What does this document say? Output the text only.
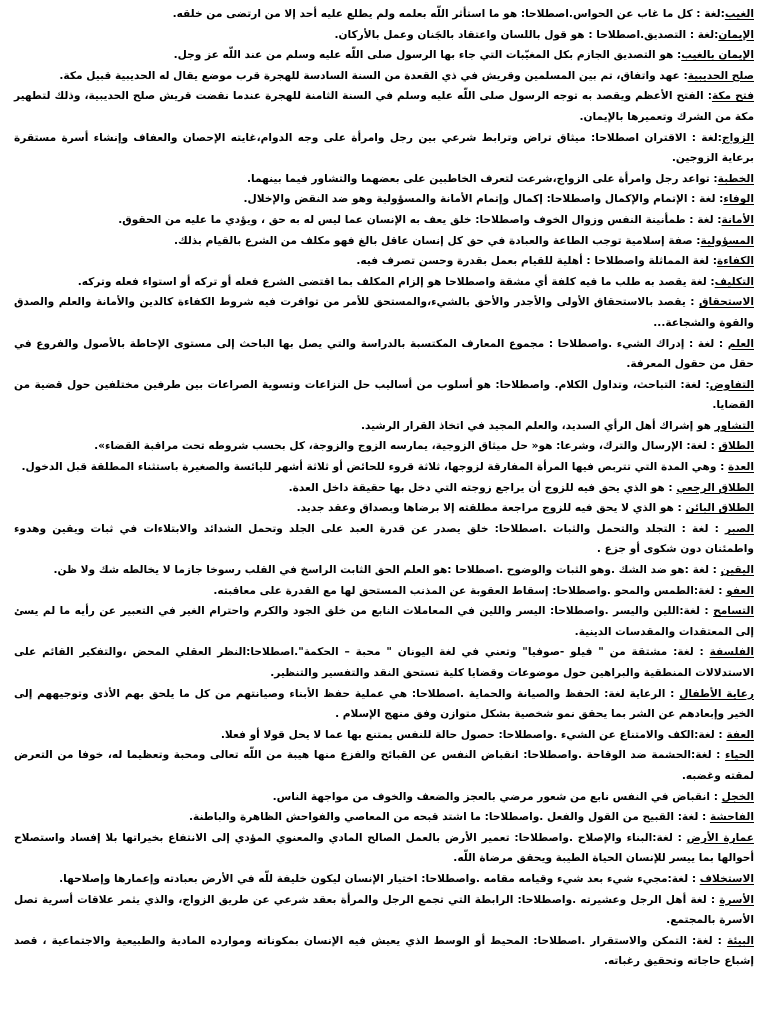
الغيب:لغة : كل ما غاب عن الحواس.اصطلاحا: هو ما استأثر اللّه بعلمه ولم يطلع عليه أحد إلا من ارتضى من خلقه.

الإيمان:لغة : التصديق.اصطلاحا : هو قول باللسان واعتقاد بالجَنان وعمل بالأركان.

الإيمان بالغيب: هو التصديق الجازم بكل المغيّبات التي جاء بها الرسول صلى اللّه عليه وسلم من عند اللّه عز وجل.

صلح الحديبية: عهد واتفاق، تم بين المسلمين وقريش في ذي القعدة من السنة السادسة للهجرة قرب موضع يقال له الحديبية قبيل مكة.

فتح مكة: الفتح الأعظم ويقصد به توجه الرسول صلى اللّه عليه وسلم في السنة الثامنة للهجرة عندما نقضت قريش صلح الحديبية، وذلك لتطهير مكة من الشرك وتعميرها بالإيمان.

الزواج:لغة : الاقتران اصطلاحا: ميثاق تراض وترابط شرعي بين رجل وامرأة على وجه الدوام،غايته الإحصان والعفاف وإنشاء أسرة مستقرة برعاية الزوجين.

الخطبة: تواعد رجل وامرأة على الزواج،شرعت لتعرف الخاطبين على بعضهما والتشاور فيما بينهما.

الوفاء: لغة : الإتمام والإكمال واصطلاحا: إكمال وإتمام الأمانة والمسؤولية وهو ضد النقض والإخلال.

الأمانة: لغة : طمأنينة النفس وزوال الخوف واصطلاحا: خلق يعف به الإنسان عما ليس له به حق ، ويؤدي ما عليه من الحقوق.

المسؤولية: صفة إسلامية توجب الطاعة والعبادة في حق كل إنسان عاقل بالغ فهو مكلف من الشرع بالقيام بذلك.

الكفاءة: لغة المماثلة واصطلاحا : أهلية للقيام بعمل بقدرة وحسن تصرف فيه.

التكليف: لغة يقصد به طلب ما فيه كلفة أي مشقة واصطلاحا هو إلزام المكلف بما اقتضى الشرع فعله أو تركه أو استواء فعله وتركه.

الاستحقاق : يقصد بالاستحقاق الأولى والأجدر والأحق بالشيء،والمستحق للأمر من توافرت فيه شروط الكفاءة كالدين والأمانة والعلم والصدق والقوة والشجاعة...

العلم : لغة : إدراك الشيء .واصطلاحا : مجموع المعارف المكتسبة بالدراسة والتي يصل بها الباحث إلى مستوى الإحاطة بالأصول والفروع في حقل من حقول المعرفة.

التفاوض: لغة: التباحث، وتداول الكلام. واصطلاحا: هو أسلوب من أساليب حل النزاعات وتسوية الصراعات بين طرفين مختلفين حول قضية من القضايا.

التشاور هو إشراك أهل الرأي السديد، والعلم المجيد في اتخاذ القرار الرشيد.

الطلاق : لغة: الإرسال والترك، وشرعا: هو« حل ميثاق الزوجية، يمارسه الزوج والزوجة، كل بحسب شروطه تحت مراقبة القضاء».

العدة : وهي المدة التي تتربص فيها المرأة المفارقة لزوجها، ثلاثة قروء للحائض أو ثلاثة أشهر لليائسة والصغيرة باستثناء المطلقة قبل الدخول.

الطلاق الرجعي : هو الذي يحق فيه للزوج أن يراجع زوجته التي دخل بها حقيقة داخل العدة.

الطلاق البائن : هو الذي لا يحق فيه للزوج مراجعة مطلقته إلا برضاها وبصداق وعقد جديد.

الصبر : لغة : التجلد والتحمل والثبات .اصطلاحا: خلق يصدر عن قدرة العبد على الجلد وتحمل الشدائد والابتلاءات في ثبات ويقين وهدوء واطمئنان دون شكوى أو جزع .

اليقين : لغة :هو ضد الشك .وهو الثبات والوضوح .اصطلاحا :هو العلم الحق الثابت الراسخ في القلب رسوخا جازما لا يخالطه شك ولا ظن.

العفو : لغة:الطمس والمحو .واصطلاحا: إسقاط العقوبة عن المذنب المستحق لها مع القدرة على معاقبته.

التسامح : لغة:اللين واليسر .واصطلاحا: اليسر واللين في المعاملات النابع من خلق الجود والكرم واحترام الغير في التعبير عن رأيه ما لم يسئ إلى المعتقدات والمقدسات الدينية.

الفلسفة : لغة: مشتقة من " فيلو -صوفيا" وتعني في لغة اليونان " محبة – الحكمة".اصطلاحا:النظر العقلي المحض ،والتفكير القائم على الاستدلالات المنطقية والبراهين حول موضوعات وقضايا كلية تستحق النقد والتفسير والتنظير.

رعاية الأطفال : الرعاية لغة: الحفظ والصيانة والحماية .اصطلاحا: هي عملية حفظ الأبناء وصيانتهم من كل ما يلحق بهم الأذى وتوجيههم إلى الخير وإبعادهم عن الشر بما يحقق نمو شخصية بشكل متوازن وفق منهج الإسلام .

العفة : لغة:الكف والامتناع عن الشيء .واصطلاحا: حصول حالة للنفس يمتنع بها عما لا يحل قولا أو فعلا.

الحياء : لغة:الحشمة ضد الوقاحة .واصطلاحا: انقباض النفس عن القبائح والفزع منها هيبة من اللّه تعالى ومحبة وتعظيما له، خوفا من التعرض لمقته وغضبه.

الخجل : انقباض في النفس نابع من شعور مرضي بالعجز والضعف والخوف من مواجهة الناس.

الفاحشة : لغة: القبيح من القول والفعل .واصطلاحا: ما اشتد قبحه من المعاصي والفواحش الظاهرة والباطنة.

عمارة الأرض : لغة:البناء والإصلاح .واصطلاحا: تعمير الأرض بالعمل الصالح المادي والمعنوي المؤدي إلى الانتفاع بخيراتها بلا إفساد واستصلاح أحوالها بما ييسر للإنسان الحياة الطيبة ويحقق مرضاة اللّه.

الاستخلاف : لغة:مجيء شيء بعد شيء وقيامه مقامه .واصطلاحا: اختيار الإنسان ليكون خليفة للّه في الأرض بعبادته وإعمارها وإصلاحها.

الأسرة : لغة أهل الرجل وعشيرته .واصطلاحا: الرابطة التي تجمع الرجل والمرأة بعقد شرعي عن طريق الزواج، والذي يثمر علاقات أسرية تصل الأسرة بالمجتمع.

البيئة : لغة: التمكن والاستقرار .اصطلاحا: المحيط أو الوسط الذي يعيش فيه الإنسان بمكوناته وموارده المادية والطبيعية والاجتماعية ، قصد إشباع حاجاته وتحقيق رغباته.
